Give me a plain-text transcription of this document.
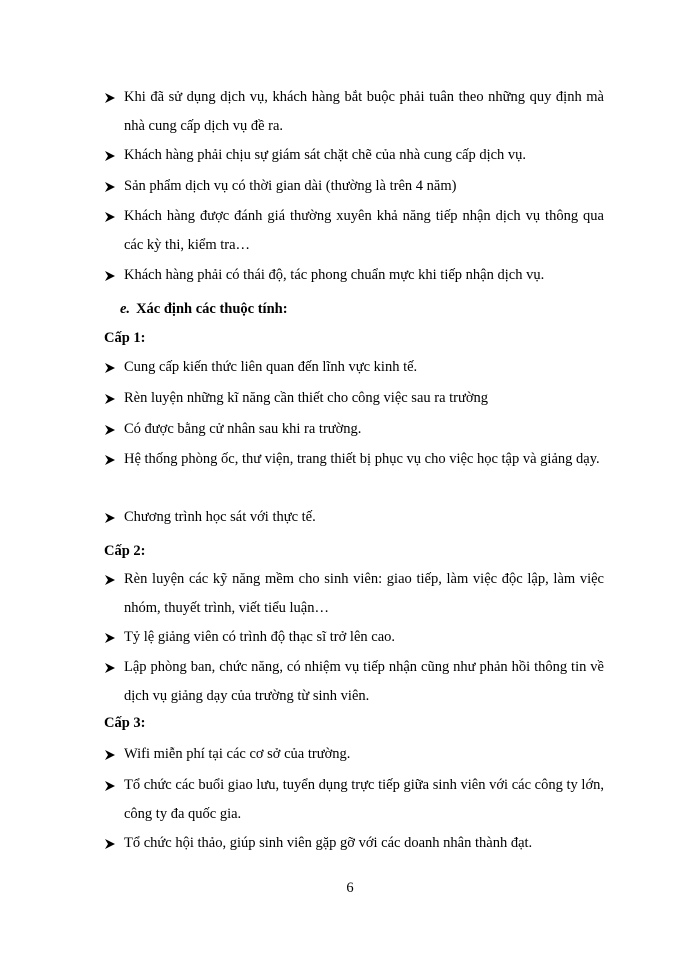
Khi đã sử dụng dịch vụ, khách hàng bắt buộc phải tuân theo những quy định mà nhà cung cấp dịch vụ đề ra.
Khách hàng phải chịu sự giám sát chặt chẽ của nhà cung cấp dịch vụ.
Sản phẩm dịch vụ có thời gian dài (thường là trên 4 năm)
Khách hàng được đánh giá thường xuyên khả năng tiếp nhận dịch vụ thông qua các kỳ thi, kiểm tra…
Khách hàng phải có thái độ, tác phong chuẩn mực khi tiếp nhận dịch vụ.
e. Xác định các thuộc tính:
Cấp 1:
Cung cấp kiến thức liên quan đến lĩnh vực kinh tế.
Rèn luyện những kĩ năng cần thiết cho công việc sau ra trường
Có được bằng cử nhân sau khi ra trường.
Hệ thống phòng ốc, thư viện, trang thiết bị phục vụ cho việc học tập và giảng dạy.
Chương trình học sát với thực tế.
Cấp 2:
Rèn luyện các kỹ năng mềm cho sinh viên: giao tiếp, làm việc độc lập, làm việc nhóm, thuyết trình, viết tiểu luận…
Tỷ lệ giảng viên có trình độ thạc sĩ trở lên cao.
Lập phòng ban, chức năng, có nhiệm vụ tiếp nhận cũng như phản hồi thông tin về dịch vụ giảng dạy của trường từ sinh viên.
Cấp 3:
Wifi miễn phí tại các cơ sở của trường.
Tổ chức các buổi giao lưu, tuyển dụng trực tiếp giữa sinh viên với các công ty lớn, công ty đa quốc gia.
Tổ chức hội thảo, giúp sinh viên gặp gỡ với các doanh nhân thành đạt.
6
